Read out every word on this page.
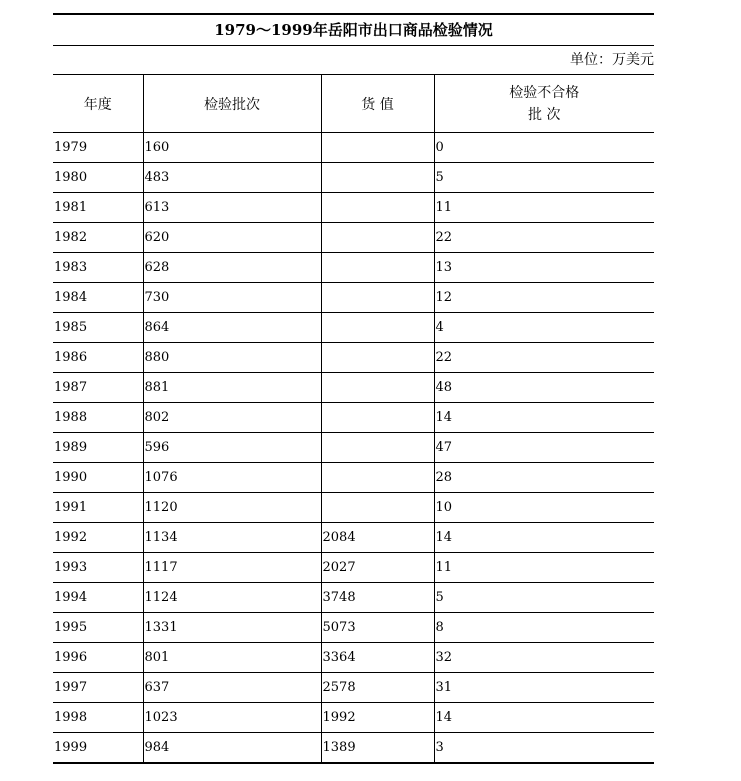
1979～1999年岳阳市出口商品检验情况
单位：万美元
年度	检验批次	货 值	检验不合格
批 次

1979	160		0
1980	483		5
1981	613		11
1982	620		22
1983	628		13
1984	730		12
1985	864		4
1986	880		22
1987	881		48
1988	802		14
1989	596		47
1990	1076		28
1991	1120		10
1992	1134	2084	14
1993	1117	2027	11
1994	1124	3748	5
1995	1331	5073	8
1996	801	3364	32
1997	637	2578	31
1998	1023	1992	14
1999	984	1389	3
